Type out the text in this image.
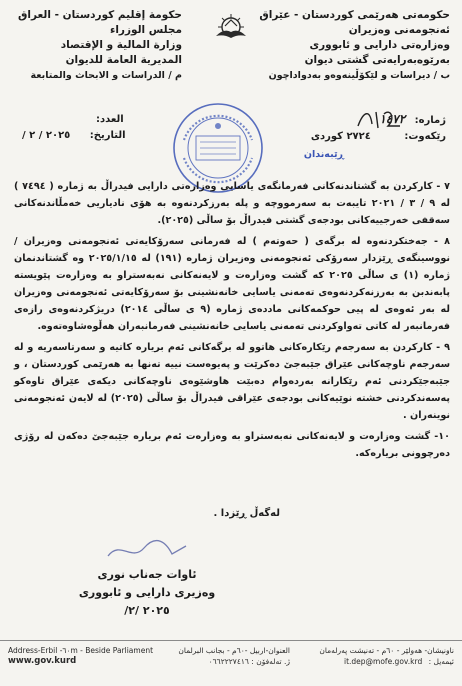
حكومەتى هەرێمى كوردستان - عێراق
ئەنجومەنى وەزيران
وەزارەتى دارايى و ئابوورى
بەرێوەبەرايەتى گشتى ديوان
ب / دیراسات و لێکۆڵینەوەو بەدواداچون
حكومة إقليم كوردستان - العراق
مجلس الوزراء
وزارة المالية و الإقتصاد
المديرية العامة للديوان
م / الدراسات و الابحاث والمتابعة
ژمارە: ١٤٧٢
رێكەوت: ٢٧٢٤ كوردی
ڕێبەندان
العدد:
التاريخ: ٢٠٢٥ / ٢ /

٧ - كاركردن بە گشتاندنەكانی فەرمانگەی یاسایی وەزارەتی دارایی فیدراڵ بە ژمارە ( ٧٤٩٤ ) لە ٩ / ٣ / ٢٠٢١ تایبەت بە سەرمووچە و پلە بەرزكردنەوە بە هۆی نادیاریی خەمڵاندنەكانی سەقفی خەرجییەكانی بودجەی گشتی فیدراڵ بۆ ساڵی (٢٠٢٥).

٨ - جەختكردنەوە لە برگەی ( حەوتەم ) لە فەرمانی سەرۆكایەتی ئەنجومەنی وەزیران / نووسینگەی ڕێزدار سەرۆكی ئەنجومەنی وەزیران ژمارە (١٩١) لە ٢٠٢٥/١/١٥ وە گشتاندنمان ژمارە (١) ی ساڵی ٢٠٢٥ كە گشت وەزارەت و لایەنەكانی نەبەستراو بە وەزارەت پێویستە پابەندبن بە بەرزنەكردنەوەی تەمەنی یاسایی خانەنشینی بۆ سەرۆكایەتی ئەنجومەنی وەزیران لە بەر ئەوەی لە پیی حوكمەكانی ماددەی ژمارە (٩ ی ساڵی ٢٠١٤) دریژكردنەوەی رازەی فەرمانبەر لە كاتی تەواوكردنی تەمەنی یاسایی خانەنشینی فەرمانبەران هەڵوەشاوەتەوە.

٩ - كاركردن بە سەرجەم رێكارەكانی هاتوو لە برگەكانی ئەم بریارە كاتیە و سەرتاسەریە و لە سەرجەم ناوچەكانی عێراق جێبەجێ دەكرێت و پەیوەست نییە تەنها بە هەرێمی كوردستان ، و جێبەجێكردنی ئەم رێكارانە بەردەوام دەبێت هاوشێوەی ناوچەكانی دیكەی عێراق تاوەكو پەسەندكردنی خشتە نوێیەكانی بودجەی عێراقی فیدراڵ بۆ ساڵی (٢٠٢٥) لە لایەن ئەنجومەنی نوینەران .

١٠- گشت وەزارەت و لایەنەكانی نەبەستراو بە وەزارەت ئەم بریارە جێبەجێ دەكەن لە رۆژی دەرچوونی بریارەكە.

لەگەڵ ڕێزدا .
ئاوات جەناب نوری
وەزیری دارایی و ئابووری
٢٠٢٥ /٢/
Address-Erbil -٦٠m - Beside Parliament
www.gov.kurd
العنوان-اربيل -٦٠م - بجانب البرلمان
ژ. تەلەفۆن : ٠٦٦٢٢٢٧٤١٦
ناونیشان- هەولێر - ٦٠م - تەنیشت پەرلەمان
ئیمەیل : it.dep@mofe.gov.krd
